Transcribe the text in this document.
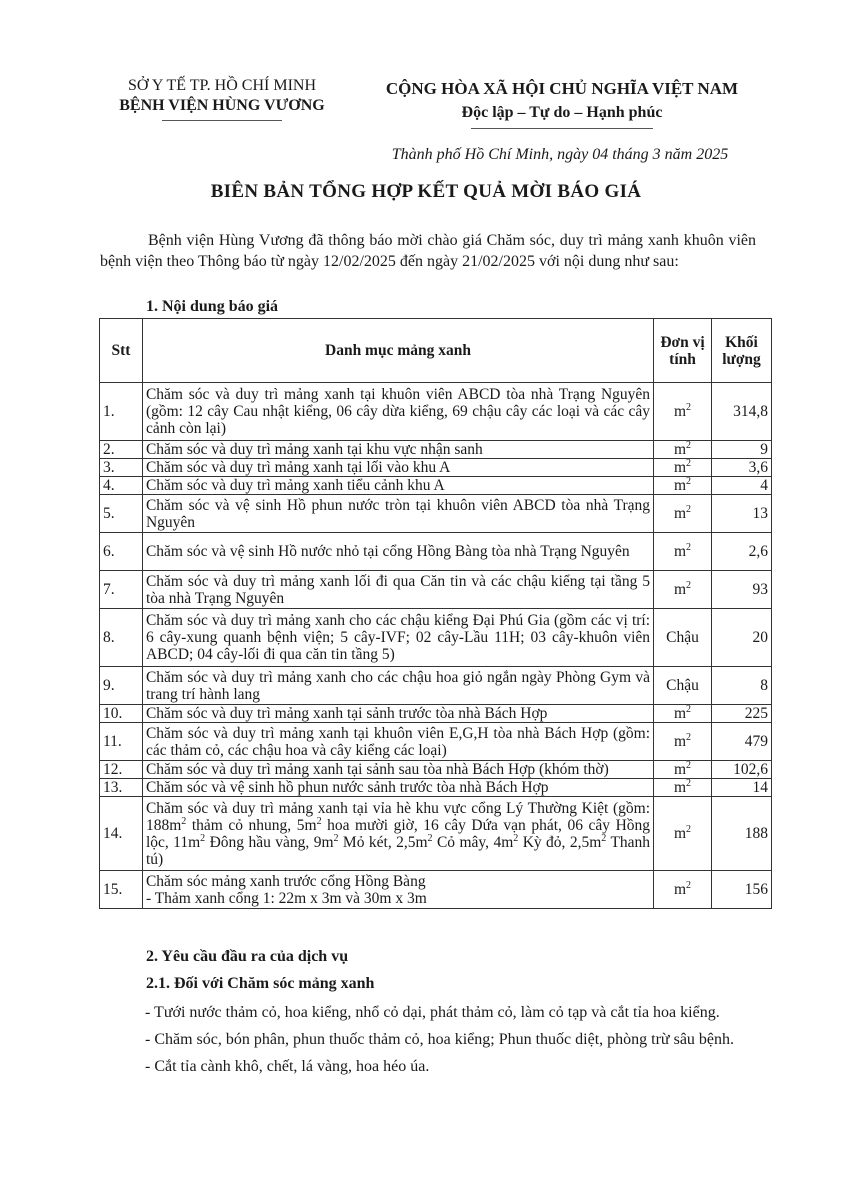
SỞ Y TẾ TP. HỒ CHÍ MINH
BỆNH VIỆN HÙNG VƯƠNG
CỘNG HÒA XÃ HỘI CHỦ NGHĨA VIỆT NAM
Độc lập – Tự do – Hạnh phúc
Thành phố Hồ Chí Minh, ngày 04 tháng 3 năm 2025
BIÊN BẢN TỔNG HỢP KẾT QUẢ MỜI BÁO GIÁ
Bệnh viện Hùng Vương đã thông báo mời chào giá Chăm sóc, duy trì mảng xanh khuôn viên bệnh viện theo Thông báo từ ngày 12/02/2025 đến ngày 21/02/2025 với nội dung như sau:
1. Nội dung báo giá
Stt	Danh mục mảng xanh	Đơn vị tính	Khối lượng
1.	Chăm sóc và duy trì mảng xanh tại khuôn viên ABCD tòa nhà Trạng Nguyên (gồm: 12 cây Cau nhật kiểng, 06 cây dừa kiểng, 69 chậu cây các loại và các cây cảnh còn lại)	$m^2$	314,8
2.	Chăm sóc và duy trì mảng xanh tại khu vực nhận sanh	$m^2$	9
3.	Chăm sóc và duy trì mảng xanh tại lối vào khu A	$m^2$	3,6
4.	Chăm sóc và duy trì mảng xanh tiểu cảnh khu A	$m^2$	4
5.	Chăm sóc và vệ sinh Hồ phun nước tròn tại khuôn viên ABCD tòa nhà Trạng Nguyên	$m^2$	13
6.	Chăm sóc và vệ sinh Hồ nước nhỏ tại cổng Hồng Bàng tòa nhà Trạng Nguyên	$m^2$	2,6
7.	Chăm sóc và duy trì mảng xanh lối đi qua Căn tin và các chậu kiểng tại tầng 5 tòa nhà Trạng Nguyên	$m^2$	93
8.	Chăm sóc và duy trì mảng xanh cho các chậu kiểng Đại Phú Gia (gồm các vị trí: 6 cây-xung quanh bệnh viện; 5 cây-IVF; 02 cây-Lầu 11H; 03 cây-khuôn viên ABCD; 04 cây-lối đi qua căn tin tầng 5)	Chậu	20
9.	Chăm sóc và duy trì mảng xanh cho các chậu hoa giỏ ngắn ngày Phòng Gym và trang trí hành lang	Chậu	8
10.	Chăm sóc và duy trì mảng xanh tại sảnh trước tòa nhà Bách Hợp	$m^2$	225
11.	Chăm sóc và duy trì mảng xanh tại khuôn viên E,G,H tòa nhà Bách Hợp (gồm: các thảm cỏ, các chậu hoa và cây kiểng các loại)	$m^2$	479
12.	Chăm sóc và duy trì mảng xanh tại sảnh sau tòa nhà Bách Hợp (khóm thờ)	$m^2$	102,6
13.	Chăm sóc và vệ sinh hồ phun nước sảnh trước tòa nhà Bách Hợp	$m^2$	14
14.	Chăm sóc và duy trì mảng xanh tại vỉa hè khu vực cổng Lý Thường Kiệt (gồm: $188m^2$ thảm cỏ nhung, $5m^2$ hoa mười giờ, 16 cây Dứa vạn phát, 06 cây Hồng lộc, $11m^2$ Đông hầu vàng, $9m^2$ Mỏ két, $2,5m^2$ Cỏ mây, $4m^2$ Kỳ đỏ, $2,5m^2$ Thanh tú)	$m^2$	188
15.	Chăm sóc mảng xanh trước cổng Hồng Bàng
- Thảm xanh cổng 1: 22m x 3m và 30m x 3m	$m^2$	156
2. Yêu cầu đầu ra của dịch vụ
2.1. Đối với Chăm sóc mảng xanh

- Tưới nước thảm cỏ, hoa kiểng, nhổ cỏ dại, phát thảm cỏ, làm cỏ tạp và cắt tỉa hoa kiểng.

- Chăm sóc, bón phân, phun thuốc thảm cỏ, hoa kiểng; Phun thuốc diệt, phòng trừ sâu bệnh.

- Cắt tỉa cành khô, chết, lá vàng, hoa héo úa.
